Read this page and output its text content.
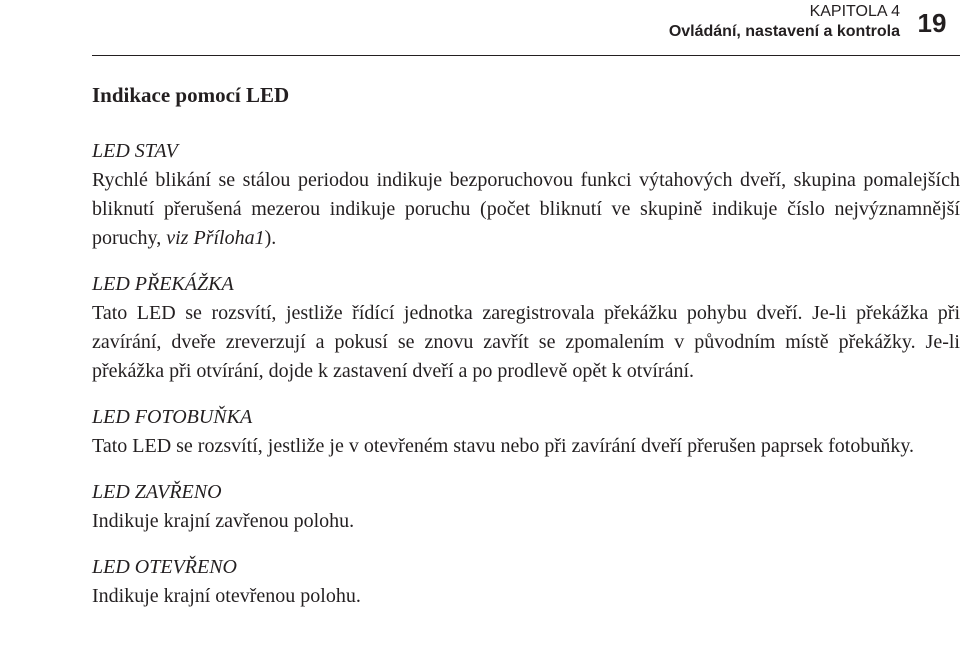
KAPITOLA 4
Ovládání, nastavení a kontrola 19
Indikace pomocí LED

LED STAV

Rychlé blikání se stálou periodou indikuje bezporuchovou funkci výtahových dveří, skupina pomalejších bliknutí přerušená mezerou indikuje poruchu (počet bliknutí ve skupině indikuje číslo nejvýznamnější poruchy, viz Příloha1).

LED PŘEKÁŽKA

Tato LED se rozsvítí, jestliže řídící jednotka zaregistrovala překážku pohybu dveří. Je-li překážka při zavírání, dveře zreverzují a pokusí se znovu zavřít se zpomalením v původním místě překážky. Je-li překážka při otvírání, dojde k zastavení dveří a po prodlevě opět k otvírání.

LED FOTOBUŇKA

Tato LED se rozsvítí, jestliže je v otevřeném stavu nebo při zavírání dveří přerušen paprsek fotobuňky.

LED ZAVŘENO

Indikuje krajní zavřenou polohu.

LED OTEVŘENO

Indikuje krajní otevřenou polohu.
